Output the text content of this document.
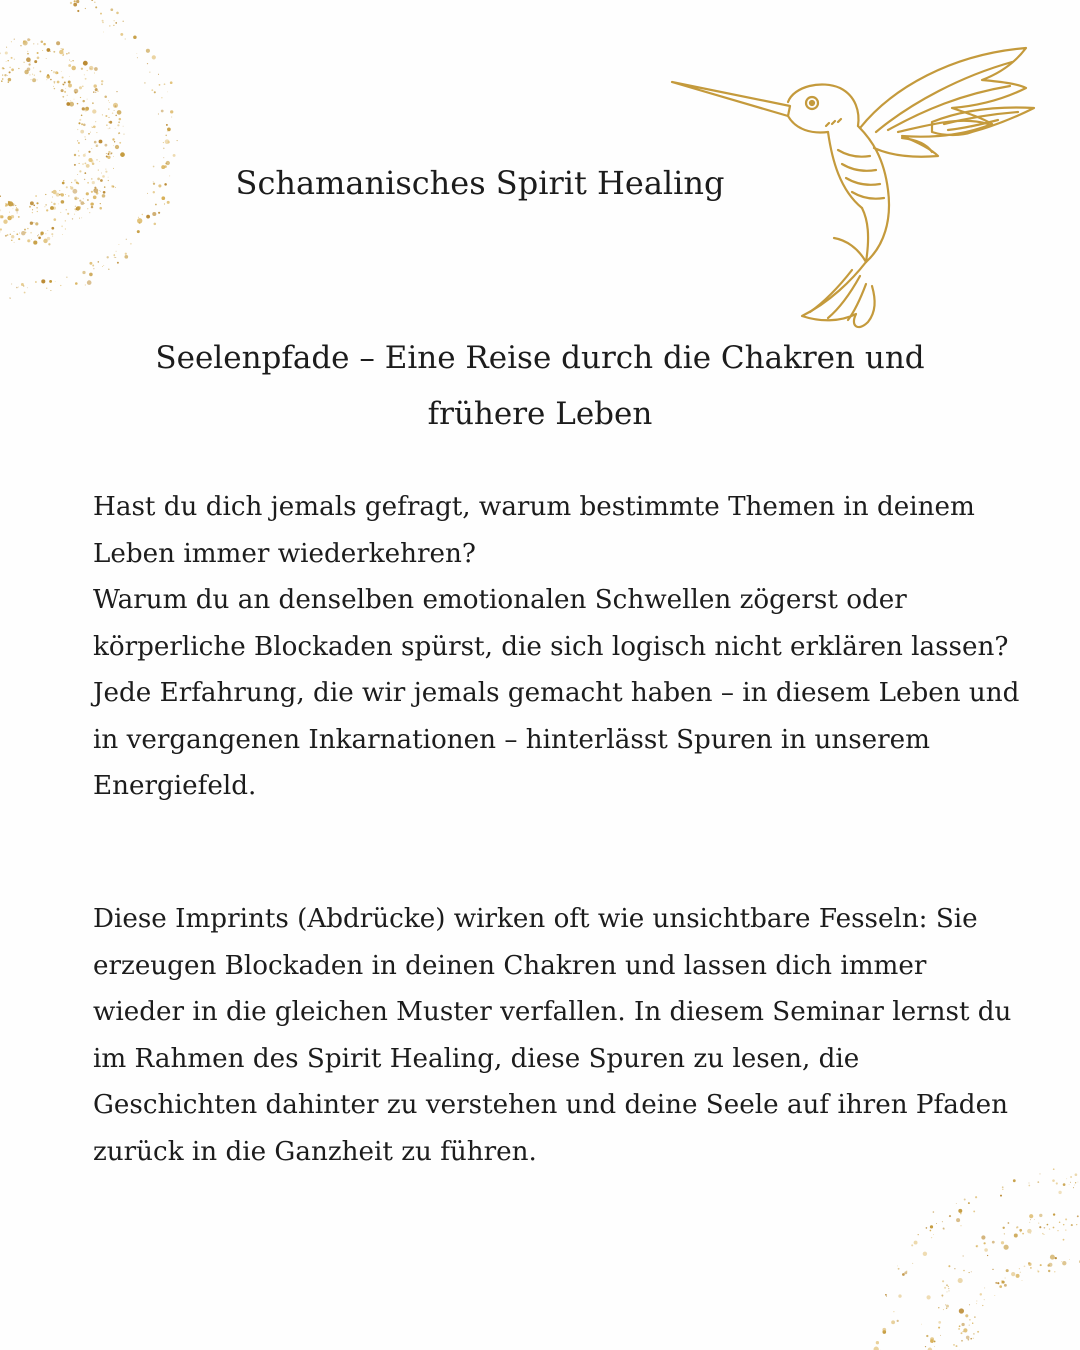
Schamanisches Spirit Healing
Seelenpfade – Eine Reise durch die Chakren und
frühere Leben

Hast du dich jemals gefragt, warum bestimmte Themen in deinem
Leben immer wiederkehren?
Warum du an denselben emotionalen Schwellen zögerst oder
körperliche Blockaden spürst, die sich logisch nicht erklären lassen?
Jede Erfahrung, die wir jemals gemacht haben – in diesem Leben und
in vergangenen Inkarnationen – hinterlässt Spuren in unserem
Energiefeld.

Diese Imprints (Abdrücke) wirken oft wie unsichtbare Fesseln: Sie
erzeugen Blockaden in deinen Chakren und lassen dich immer
wieder in die gleichen Muster verfallen. In diesem Seminar lernst du
im Rahmen des Spirit Healing, diese Spuren zu lesen, die
Geschichten dahinter zu verstehen und deine Seele auf ihren Pfaden
zurück in die Ganzheit zu führen.
